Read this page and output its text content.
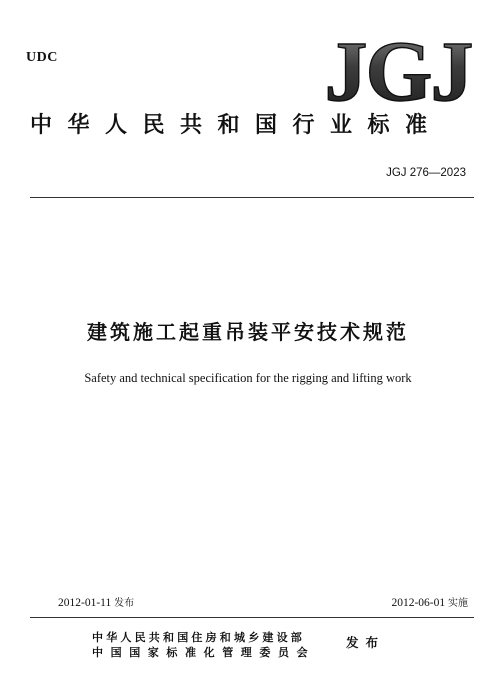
UDC	JGJ
中华人民共和国行业标准
JGJ 276—2023
建筑施工起重吊装平安技术规范
Safety and technical specification for the rigging and lifting work
2012-01-11 发布	2012-06-01 实施
中华人民共和国住房和城乡建设部
中国国家标准化管理委员会
发布
